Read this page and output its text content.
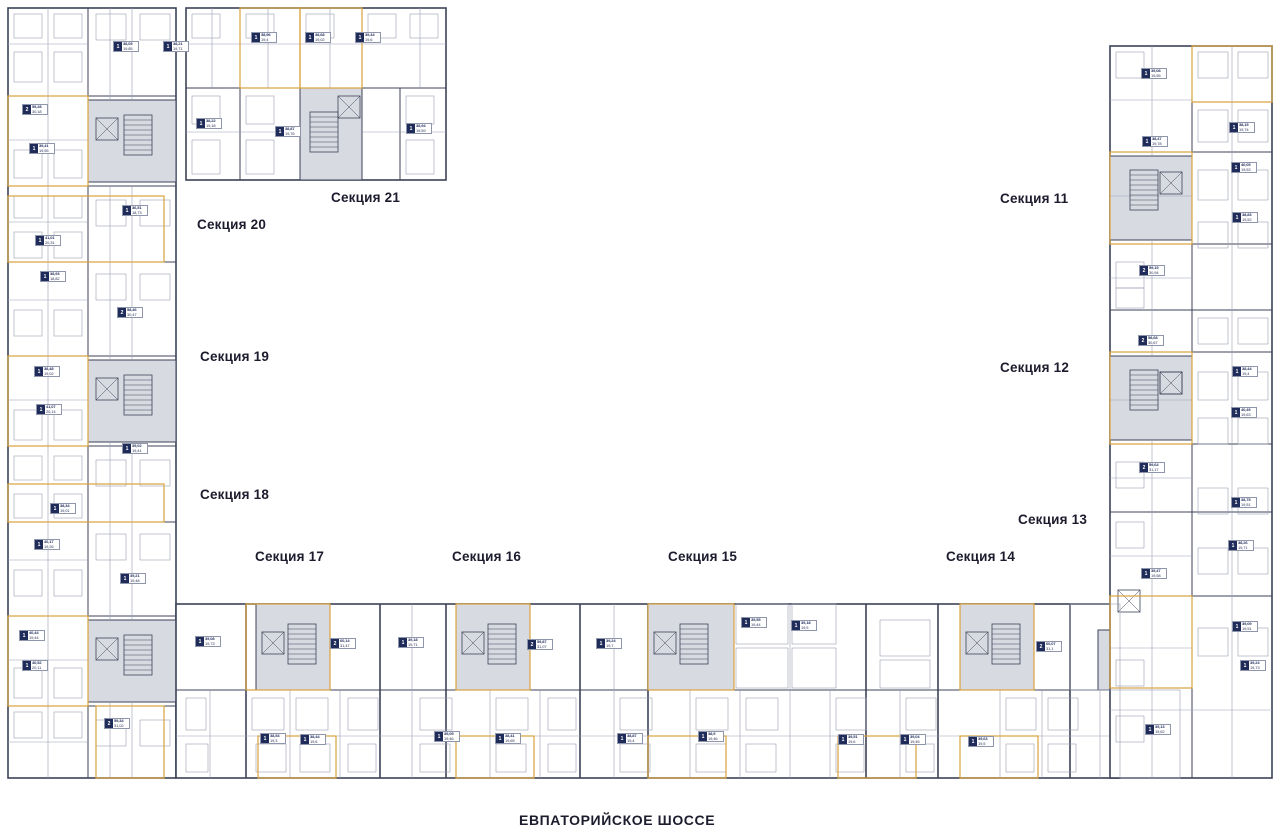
Секция 21
Секция 20
Секция 19
Секция 18
Секция 17	Секция 16	Секция 15	Секция 14
Секция 13
Секция 12
Секция 11
ЕВПАТОРИЙСКОЕ ШОССЕ
1
38,05
19.85	1
38,21
19,71
1
38,96
19,4	1
38,68
19,02	1
39,44
19,6
2
59,28
30,18
1
39,41
19,55
1
38,22
19,18
1
38,87
19,76
1
38,94
19,59
1
36,51
18,73
1
41,01
20,31
1
38,93
18,82
2
58,46
30,47
1
38,48
19,02
1
41,07
20,14
1
39,02
19,41
1
38,34
19,01
1
40,17
19,26
1
39,21
19,48
1
40,44
19,44
1
40,52
20,11
2
59,34
31,02
1
39,08
19,73	2
60,14
31,47	1
39,18
19,71	2
59,87
31,07	1
39,24
19,7
1
39,55
19,44	1
39,18
19,5
2
60,07
31,1
1
38,54
19,3	1
38,44
19,6
1
39,05
19,46	1
38,41
19,65	1
38,87
19,4	1
38,9
19,46	1
39,51
19,6	1
39,04
19,45	1
39,63
19,5
1
39,13
19,62
1
39,08
19,55
1
38,47
19,78
1
38,15
19,74
1
40,05
19,53
1
38,83
19,52
2
59,19
30,94
2
58,68
30,67
1
38,44
19,4
1
40,49
19,63
2
59,64
31,17
1
38,75
19,51
1
38,26
19,71
1
39,47
19,58
1
39,09
19,51
1
39,24
19,73
